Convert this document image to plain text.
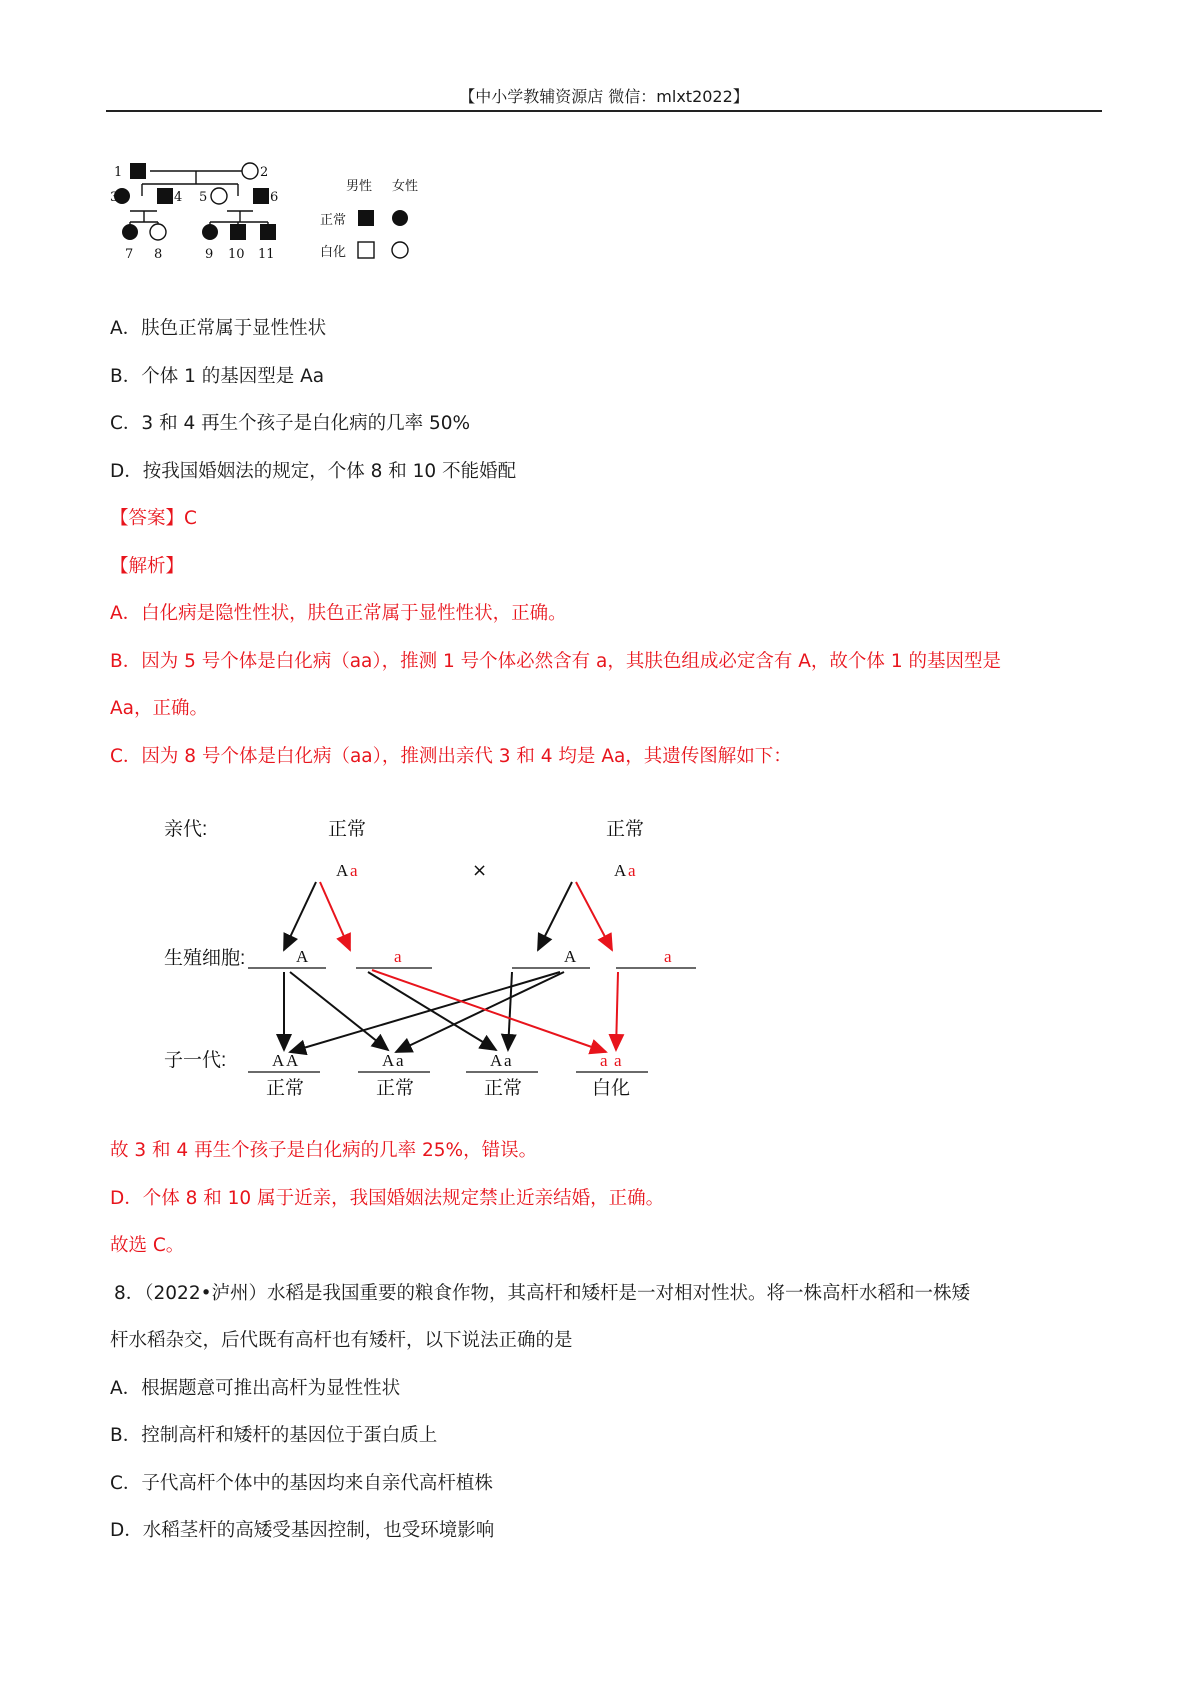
【中小学教辅资源店 微信：mlxt2022】
1	2
3	4 5	6
7 8	9 10 11
男性 女性
正常
白化
A．肤色正常属于显性性状
B．个体 1 的基因型是 Aa
C．3 和 4 再生个孩子是白化病的几率 50%
D．按我国婚姻法的规定，个体 8 和 10 不能婚配
【答案】C
【解析】
A．白化病是隐性性状，肤色正常属于显性性状，正确。
B．因为 5 号个体是白化病（aa），推测 1 号个体必然含有 a，其肤色组成必定含有 A，故个体 1 的基因型是
Aa，正确。
C．因为 8 号个体是白化病（aa），推测出亲代 3 和 4 均是 Aa，其遗传图解如下：
亲代:	正常	正常
生殖细胞:
子一代:
×
A a	A a
A	a	A	a
A A	A a	A a	a a
正常	正常	正常	白化
故 3 和 4 再生个孩子是白化病的几率 25%，错误。
D．个体 8 和 10 属于近亲，我国婚姻法规定禁止近亲结婚，正确。
故选 C。
8．（2022•泸州）水稻是我国重要的粮食作物，其高杆和矮杆是一对相对性状。将一株高杆水稻和一株矮
杆水稻杂交，后代既有高杆也有矮杆，以下说法正确的是
A．根据题意可推出高杆为显性性状
B．控制高杆和矮杆的基因位于蛋白质上
C．子代高杆个体中的基因均来自亲代高杆植株
D．水稻茎杆的高矮受基因控制，也受环境影响
